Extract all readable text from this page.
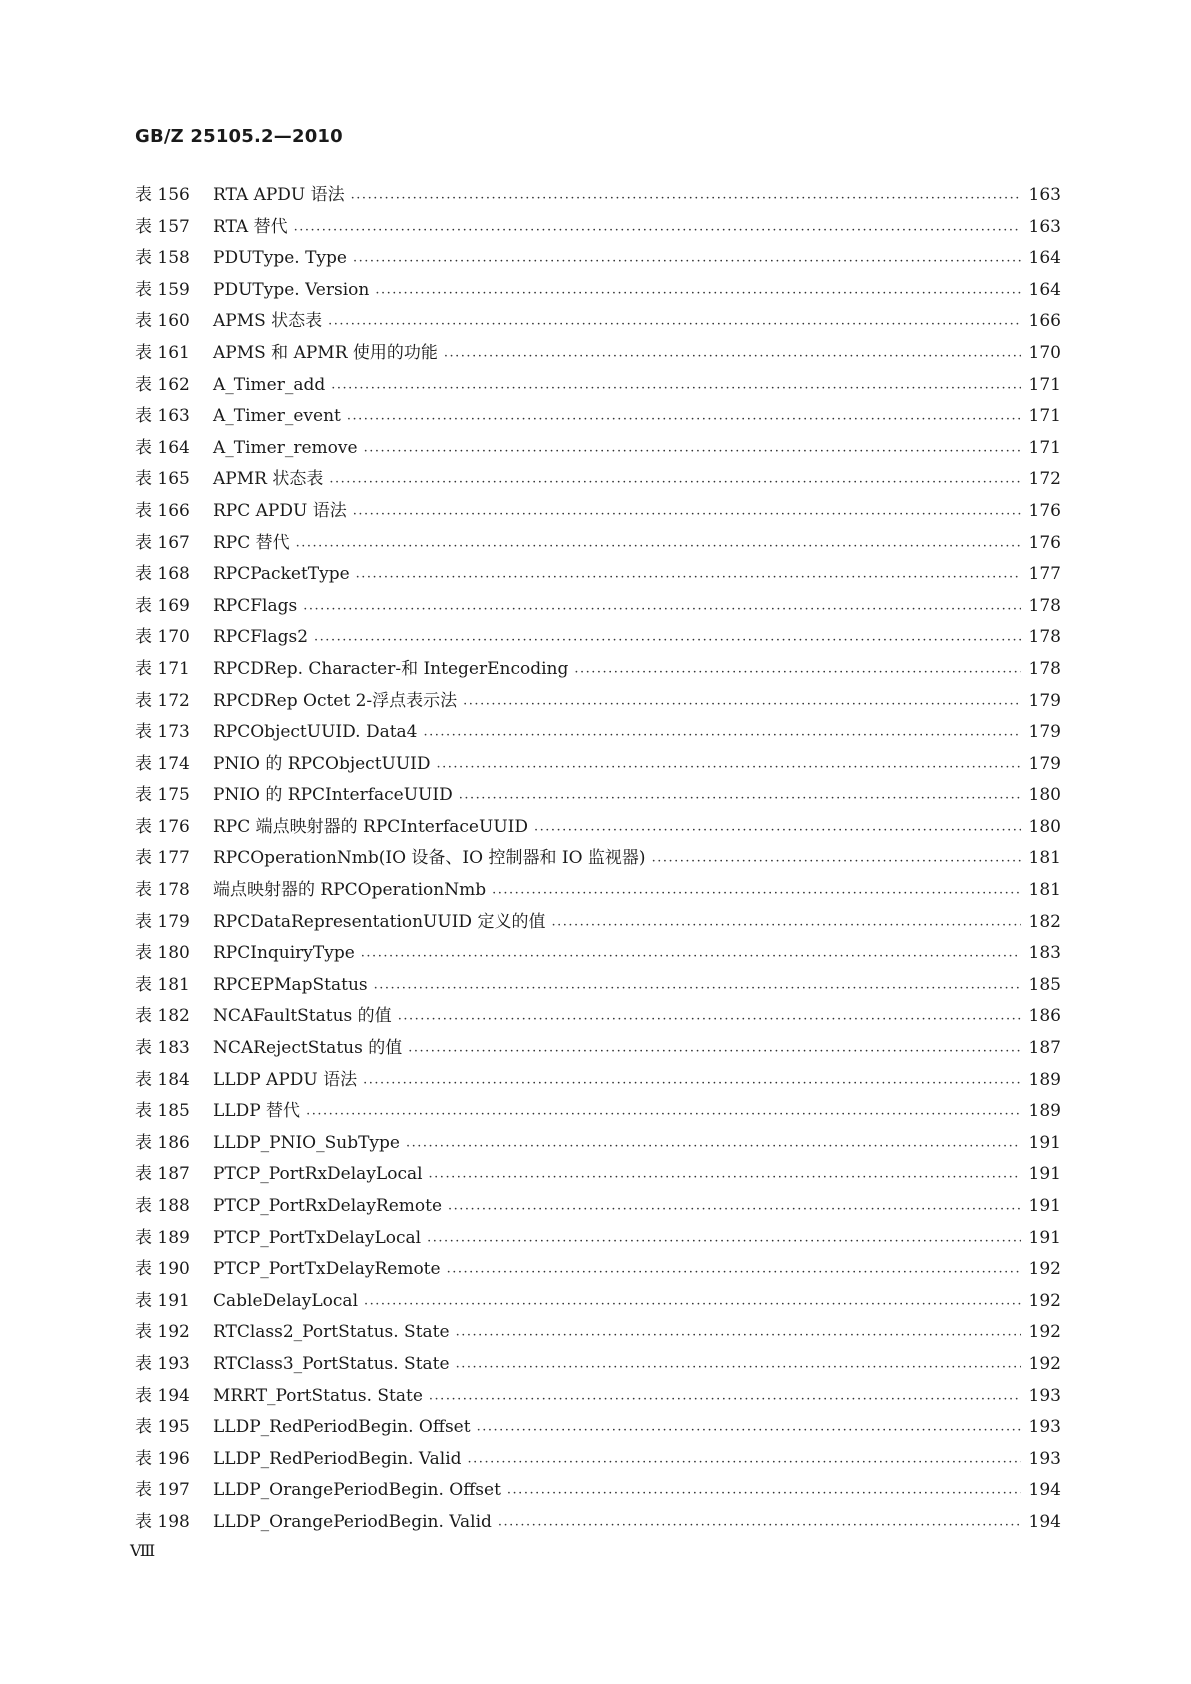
GB/Z 25105.2—2010
表 156	RTA APDU 语法 ·····	163
表 157	RTA 替代 ·····	163
表 158	PDUType. Type ·····	164
表 159	PDUType. Version ·····	164
表 160	APMS 状态表 ·····	166
表 161	APMS 和 APMR 使用的功能 ·····	170
表 162	A_Timer_add ·····	171
表 163	A_Timer_event ·····	171
表 164	A_Timer_remove ·····	171
表 165	APMR 状态表 ·····	172
表 166	RPC APDU 语法 ·····	176
表 167	RPC 替代 ·····	176
表 168	RPCPacketType ·····	177
表 169	RPCFlags ·····	178
表 170	RPCFlags2 ·····	178
表 171	RPCDRep. Character-和 IntegerEncoding ·····	178
表 172	RPCDRep Octet 2-浮点表示法 ·····	179
表 173	RPCObjectUUID. Data4 ·····	179
表 174	PNIO 的 RPCObjectUUID ·····	179
表 175	PNIO 的 RPCInterfaceUUID ·····	180
表 176	RPC 端点映射器的 RPCInterfaceUUID ·····	180
表 177	RPCOperationNmb(IO 设备、IO 控制器和 IO 监视器) ·····	181
表 178	端点映射器的 RPCOperationNmb ·····	181
表 179	RPCDataRepresentationUUID 定义的值 ·····	182
表 180	RPCInquiryType ·····	183
表 181	RPCEPMapStatus ·····	185
表 182	NCAFaultStatus 的值 ·····	186
表 183	NCARejectStatus 的值 ·····	187
表 184	LLDP APDU 语法 ·····	189
表 185	LLDP 替代 ·····	189
表 186	LLDP_PNIO_SubType ·····	191
表 187	PTCP_PortRxDelayLocal ·····	191
表 188	PTCP_PortRxDelayRemote ·····	191
表 189	PTCP_PortTxDelayLocal ·····	191
表 190	PTCP_PortTxDelayRemote ·····	192
表 191	CableDelayLocal ·····	192
表 192	RTClass2_PortStatus. State ·····	192
表 193	RTClass3_PortStatus. State ·····	192
表 194	MRRT_PortStatus. State ·····	193
表 195	LLDP_RedPeriodBegin. Offset ·····	193
表 196	LLDP_RedPeriodBegin. Valid ·····	193
表 197	LLDP_OrangePeriodBegin. Offset ·····	194
表 198	LLDP_OrangePeriodBegin. Valid ·····	194
Ⅷ
